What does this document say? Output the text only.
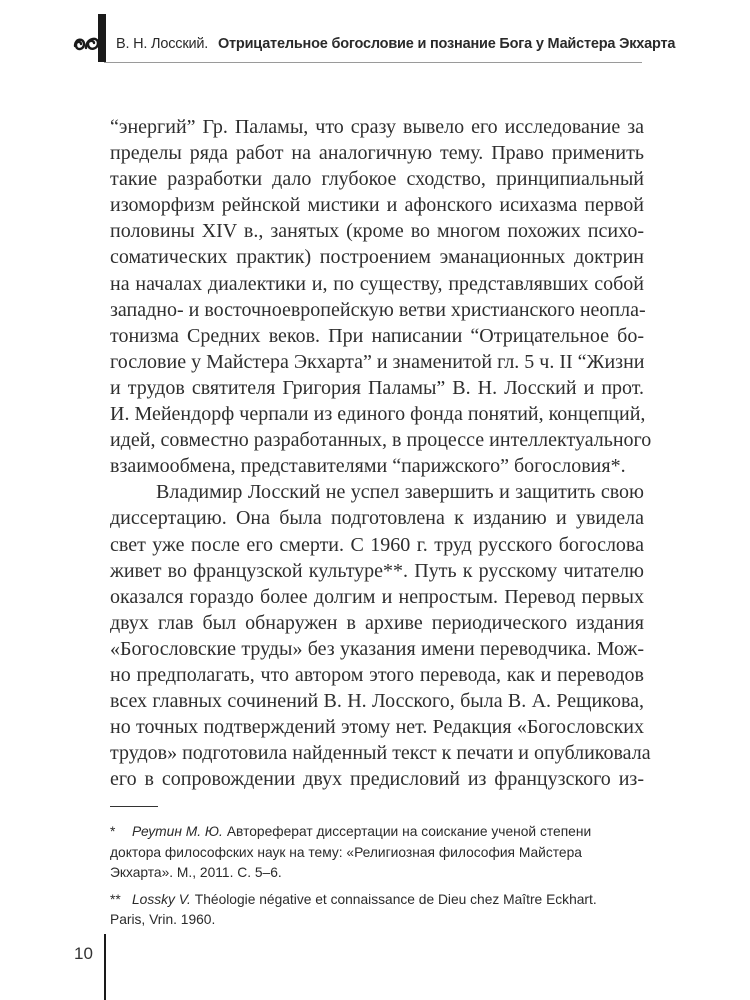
В. Н. Лосский. Отрицательное богословие и познание Бога у Майстера Экхарта
“энергий” Гр. Паламы, что сразу вывело его исследование за
пределы ряда работ на аналогичную тему. Право применить
такие разработки дало глубокое сходство, принципиальный
изоморфизм рейнской мистики и афонского исихазма первой
половины XIV в., занятых (кроме во многом похожих психо-
соматических практик) построением эманационных доктрин
на началах диалектики и, по существу, представлявших собой
западно- и восточноевропейскую ветви христианского неопла-
тонизма Средних веков. При написании “Отрицательное бо-
гословие у Майстера Экхарта” и знаменитой гл. 5 ч. II “Жизни
и трудов святителя Григория Паламы” В. Н. Лосский и прот.
И. Мейендорф черпали из единого фонда понятий, концепций,
идей, совместно разработанных, в процессе интеллектуального
взаимообмена, представителями “парижского” богословия*.
Владимир Лосский не успел завершить и защитить свою
диссертацию. Она была подготовлена к изданию и увидела
свет уже после его смерти. С 1960 г. труд русского богослова
живет во французской культуре**. Путь к русскому читателю
оказался гораздо более долгим и непростым. Перевод первых
двух глав был обнаружен в архиве периодического издания
«Богословские труды» без указания имени переводчика. Мож-
но предполагать, что автором этого перевода, как и переводов
всех главных сочинений В. Н. Лосского, была В. А. Рещикова,
но точных подтверждений этому нет. Редакция «Богословских
трудов» подготовила найденный текст к печати и опубликовала
его в сопровождении двух предисловий из французского из-
* Реутин М. Ю. Автореферат диссертации на соискание ученой степени
доктора философских наук на тему: «Религиозная философия Майстера
Экхарта». М., 2011. С. 5–6.
** Lossky V. Théologie négative et connaissance de Dieu chez Maître Eckhart.
Paris, Vrin. 1960.
10
